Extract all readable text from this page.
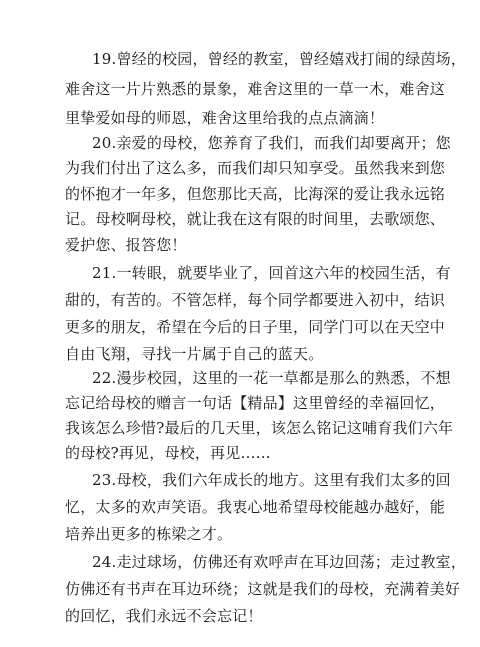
19.曾经的校园，曾经的教室，曾经嬉戏打闹的绿茵场，
难舍这一片片熟悉的景象，难舍这里的一草一木，难舍这
里挚爱如母的师恩，难舍这里给我的点点滴滴！
20.亲爱的母校，您养育了我们，而我们却要离开；您
为我们付出了这么多，而我们却只知享受。虽然我来到您
的怀抱才一年多，但您那比天高，比海深的爱让我永远铭
记。母校啊母校，就让我在这有限的时间里，去歌颂您、
爱护您、报答您！
21.一转眼，就要毕业了，回首这六年的校园生活，有
甜的，有苦的。不管怎样，每个同学都要进入初中，结识
更多的朋友，希望在今后的日子里，同学门可以在天空中
自由飞翔，寻找一片属于自己的蓝天。
22.漫步校园，这里的一花一草都是那么的熟悉，不想
忘记给母校的赠言一句话【精品】这里曾经的幸福回忆，
我该怎么珍惜?最后的几天里，该怎么铭记这哺育我们六年
的母校?再见，母校，再见……
23.母校，我们六年成长的地方。这里有我们太多的回
忆，太多的欢声笑语。我衷心地希望母校能越办越好，能
培养出更多的栋梁之才。
24.走过球场，仿佛还有欢呼声在耳边回荡；走过教室，
仿佛还有书声在耳边环绕；这就是我们的母校，充满着美好
的回忆，我们永远不会忘记！
